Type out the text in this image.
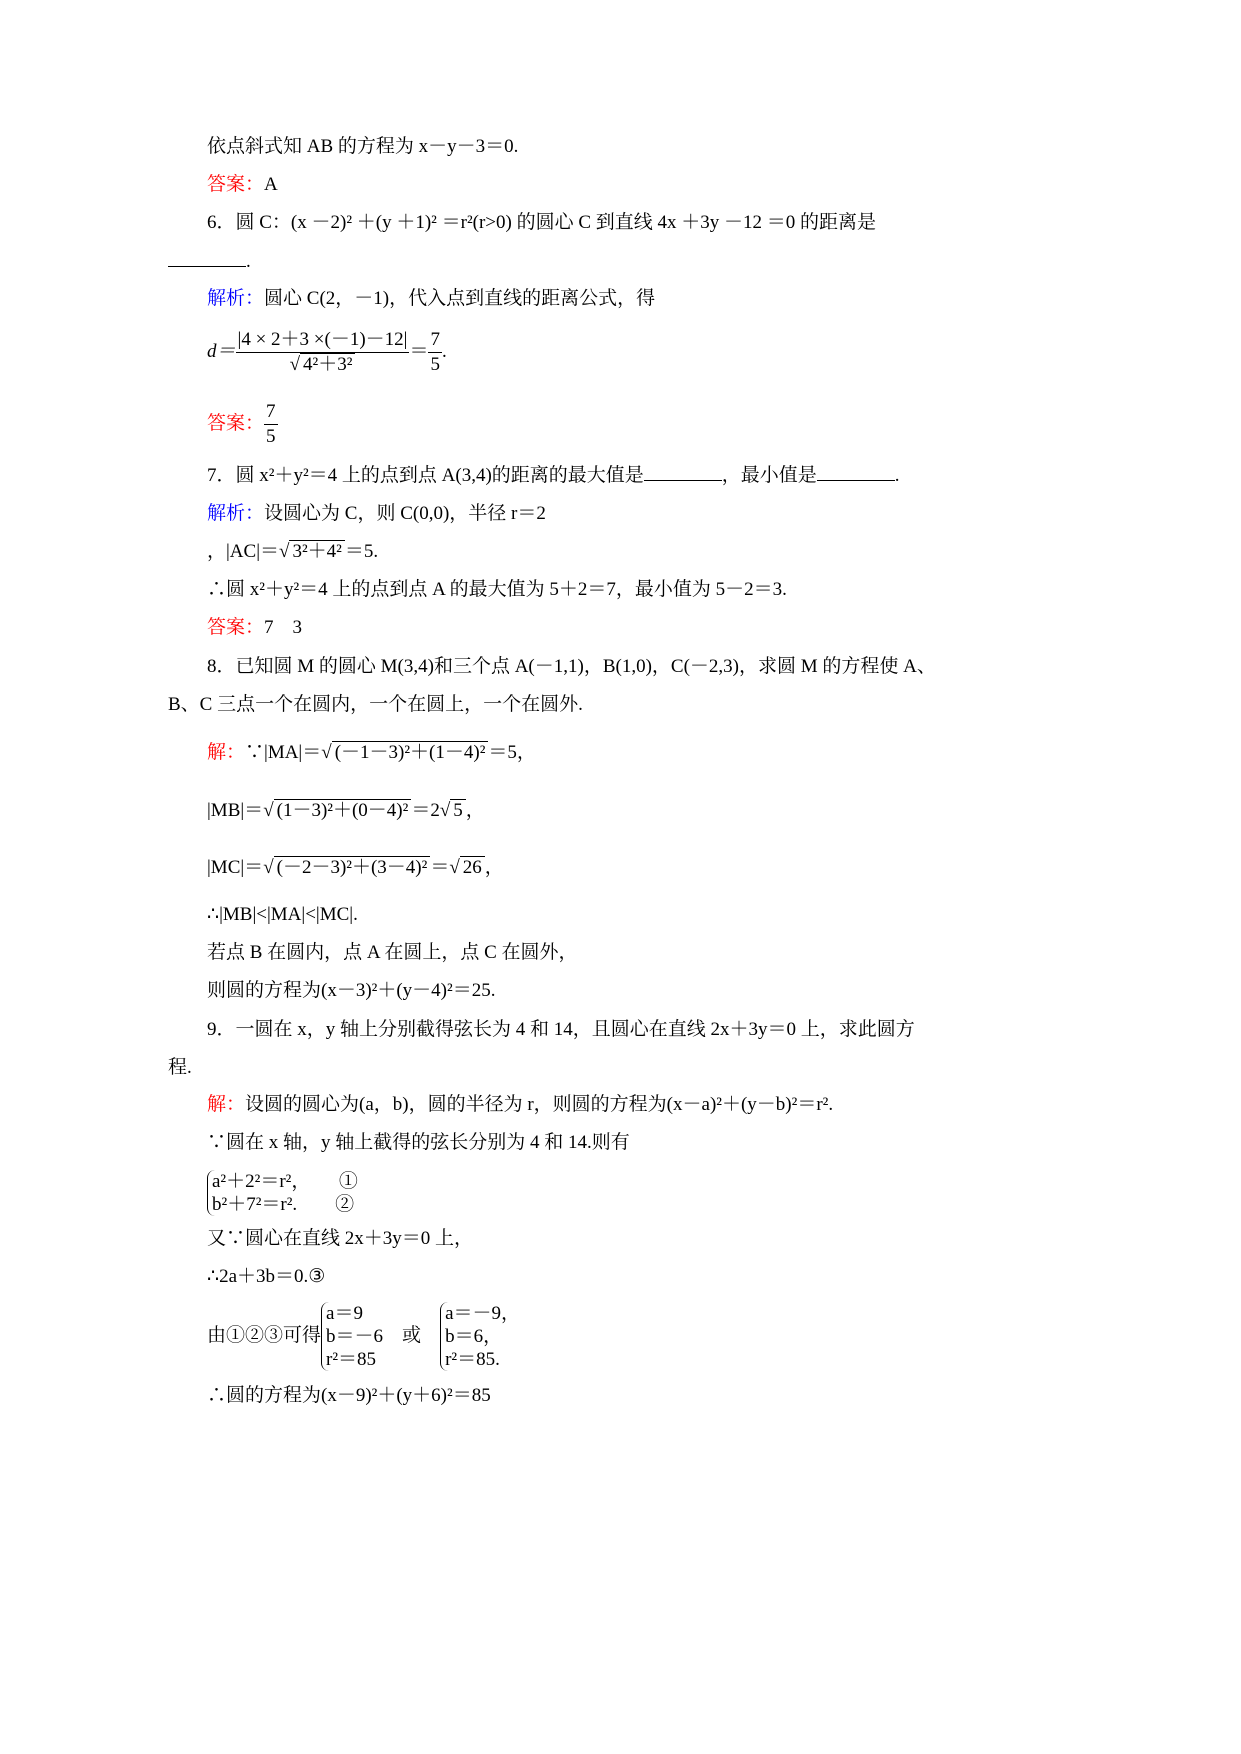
依点斜式知 AB 的方程为 x－y－3＝0.
答案：A
6．圆 C：(x －2)² ＋(y ＋1)² ＝r²(r>0) 的圆心 C 到直线 4x ＋3y －12 ＝0 的距离是
.
解析：圆心 C(2，－1)，代入点到直线的距离公式，得
$d= \frac{|4 \times 2+3 \times(-1)-12|}{\text{√ 4²＋3²}} = \frac{7}{5}$ .
答案： $\frac{7}{5}$
7．圆 x²＋y²＝4 上的点到点 A(3,4)的距离的最大值是	，最小值是	.
解析：设圆心为 C，则 C(0,0)，半径 r＝2
，|AC|＝√ 3²＋4² ＝5.
∴圆 x²＋y²＝4 上的点到点 A 的最大值为 5＋2＝7，最小值为 5－2＝3.
答案：7　3
8．已知圆 M 的圆心 M(3,4)和三个点 A(－1,1)，B(1,0)，C(－2,3)，求圆 M 的方程使 A、
B、C 三点一个在圆内，一个在圆上，一个在圆外.
解：∵|MA|＝√ (－1－3)²＋(1－4)² ＝5，
|MB|＝√ (1－3)²＋(0－4)² ＝2√ 5 ，
|MC|＝√ (－2－3)²＋(3－4)² ＝√ 26 ，
∴|MB|<|MA|<|MC|.
若点 B 在圆内，点 A 在圆上，点 C 在圆外，
则圆的方程为(x－3)²＋(y－4)²＝25.
9．一圆在 x，y 轴上分别截得弦长为 4 和 14，且圆心在直线 2x＋3y＝0 上，求此圆方
程.
解：设圆的圆心为(a，b)，圆的半径为 r，则圆的方程为(x－a)²＋(y－b)²＝r².
∵圆在 x 轴，y 轴上截得的弦长分别为 4 和 14.则有
a²＋2²＝r²，　　①
b²＋7²＝r².　　②
又∵圆心在直线 2x＋3y＝0 上，
∴2a＋3b＝0.③
由①②③可得a＝9
b＝－6
r²＝85　或　a＝－9，
b＝6，
r²＝85.
∴圆的方程为(x－9)²＋(y＋6)²＝85
